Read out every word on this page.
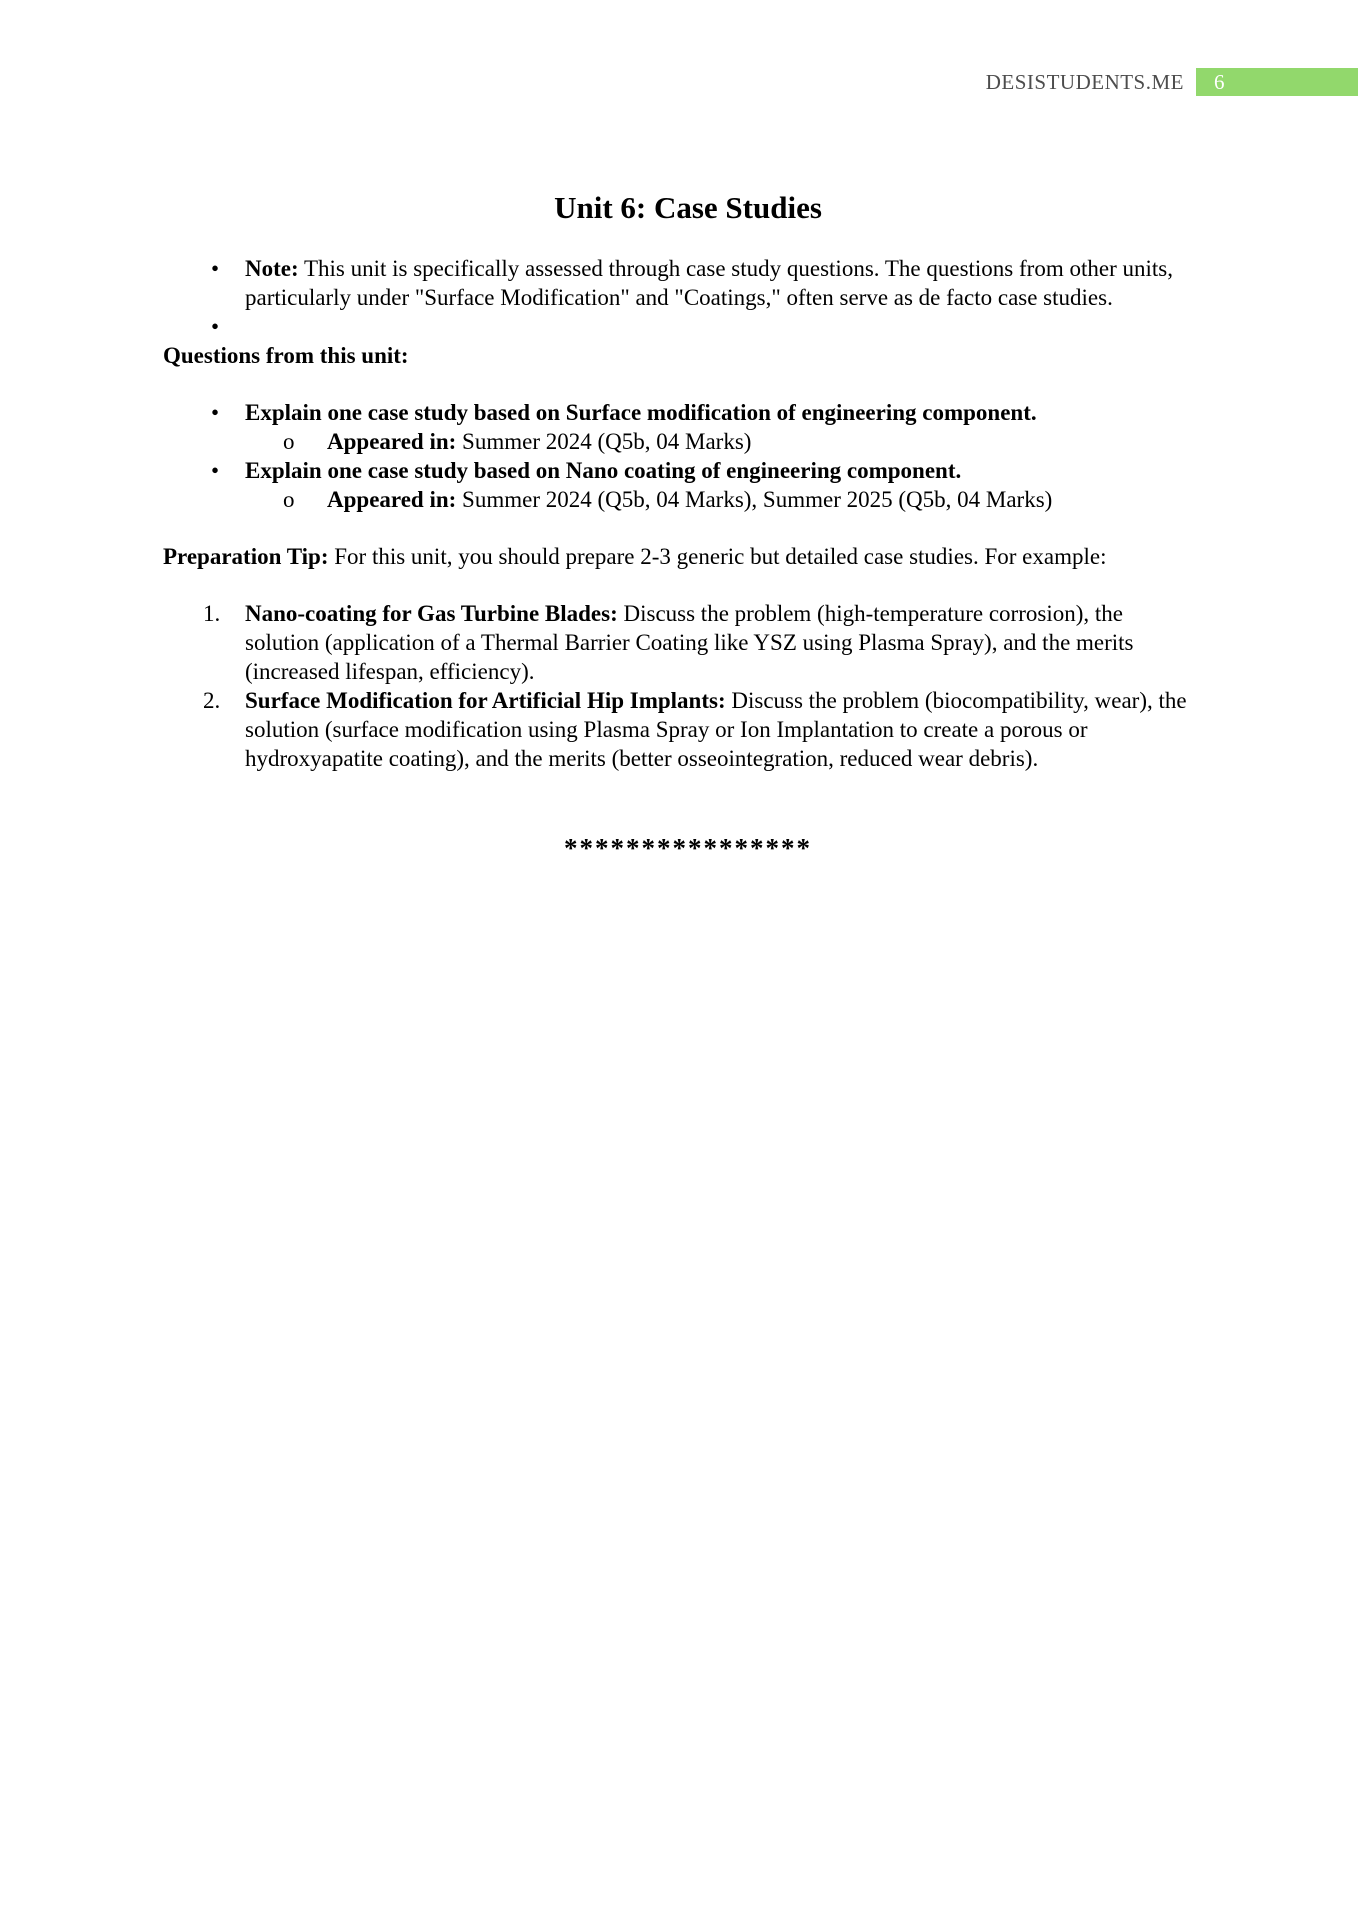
DESISTUDENTS.ME	6
Unit 6: Case Studies
• Note: This unit is specifically assessed through case study questions. The questions from other units, particularly under "Surface Modification" and "Coatings," often serve as de facto case studies.
•

Questions from this unit:
• Explain one case study based on Surface modification of engineering component.
o Appeared in: Summer 2024 (Q5b, 04 Marks)
• Explain one case study based on Nano coating of engineering component.
o Appeared in: Summer 2024 (Q5b, 04 Marks), Summer 2025 (Q5b, 04 Marks)
Preparation Tip: For this unit, you should prepare 2-3 generic but detailed case studies. For example:
1. Nano-coating for Gas Turbine Blades: Discuss the problem (high-temperature corrosion), the solution (application of a Thermal Barrier Coating like YSZ using Plasma Spray), and the merits (increased lifespan, efficiency).
2. Surface Modification for Artificial Hip Implants: Discuss the problem (biocompatibility, wear), the solution (surface modification using Plasma Spray or Ion Implantation to create a porous or hydroxyapatite coating), and the merits (better osseointegration, reduced wear debris).
****************
